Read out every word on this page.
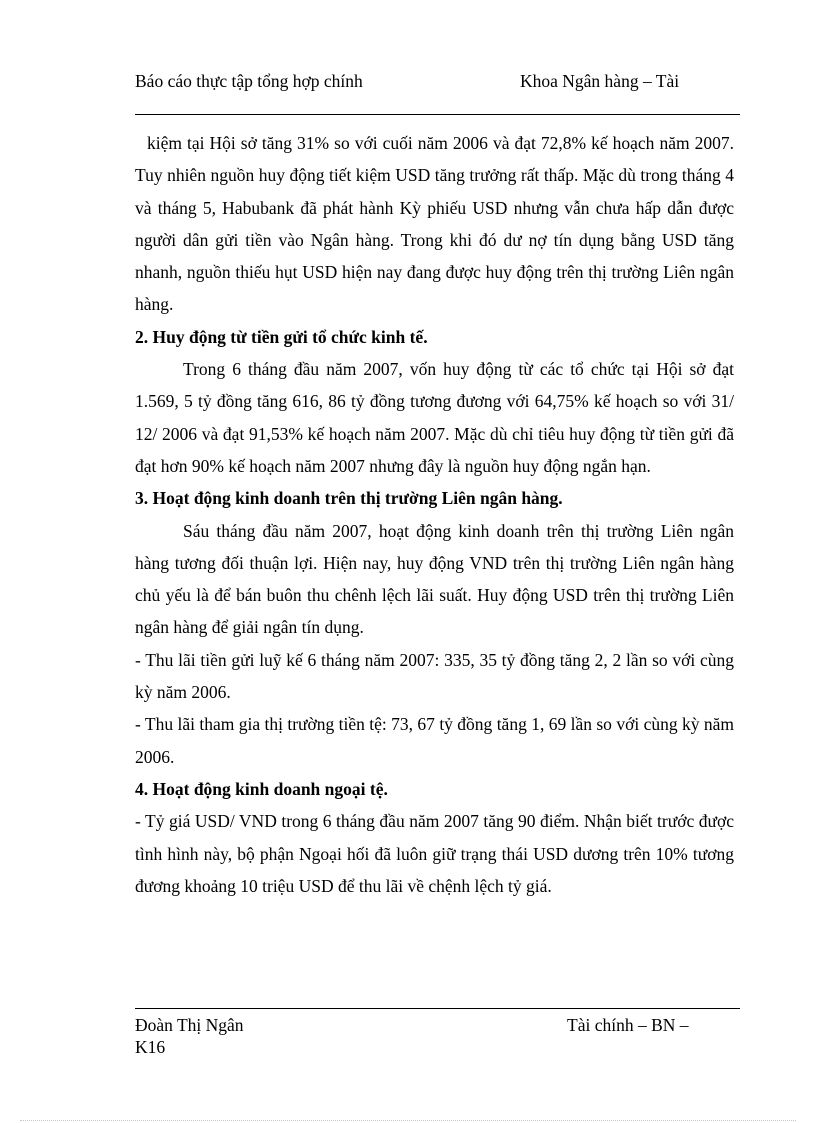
Báo cáo thực tập tổng hợp chính	Khoa Ngân hàng – Tài

kiệm tại Hội sở tăng 31% so với cuối năm 2006 và đạt 72,8% kế hoạch năm 2007. Tuy nhiên nguồn huy động tiết kiệm USD tăng trưởng rất thấp. Mặc dù trong tháng 4 và tháng 5, Habubank đã phát hành Kỳ phiếu USD nhưng vẫn chưa hấp dẫn được người dân gửi tiền vào Ngân hàng. Trong khi đó dư nợ tín dụng bằng USD tăng nhanh, nguồn thiếu hụt USD hiện nay đang được huy động trên thị trường Liên ngân hàng.

2. Huy động từ tiền gửi tổ chức kinh tế.

Trong 6 tháng đầu năm 2007, vốn huy động từ các tổ chức tại Hội sở đạt 1.569, 5 tỷ đồng tăng 616, 86 tỷ đồng tương đương với 64,75% kế hoạch so với 31/ 12/ 2006 và đạt 91,53% kế hoạch năm 2007. Mặc dù chỉ tiêu huy động từ tiền gửi đã đạt hơn 90% kế hoạch năm 2007 nhưng đây là nguồn huy động ngắn hạn.

3. Hoạt động kinh doanh trên thị trường Liên ngân hàng.

Sáu tháng đầu năm 2007, hoạt động kinh doanh trên thị trường Liên ngân hàng tương đối thuận lợi. Hiện nay, huy động VND trên thị trường Liên ngân hàng chủ yếu là để bán buôn thu chênh lệch lãi suất. Huy động USD trên thị trường Liên ngân hàng để giải ngân tín dụng.

- Thu lãi tiền gửi luỹ kế 6 tháng năm 2007: 335, 35 tỷ đồng tăng 2, 2 lần so với cùng kỳ năm 2006.

- Thu lãi tham gia thị trường tiền tệ: 73, 67 tỷ đồng tăng 1, 69 lần so với cùng kỳ năm 2006.

4. Hoạt động kinh doanh ngoại tệ.

- Tỷ giá USD/ VND trong 6 tháng đầu năm 2007 tăng 90 điểm. Nhận biết trước được tình hình này, bộ phận Ngoại hối đã luôn giữ trạng thái USD dương trên 10% tương đương khoảng 10 triệu USD để thu lãi về chệnh lệch tỷ giá.

Đoàn Thị Ngân K16
Tài chính – BN –
